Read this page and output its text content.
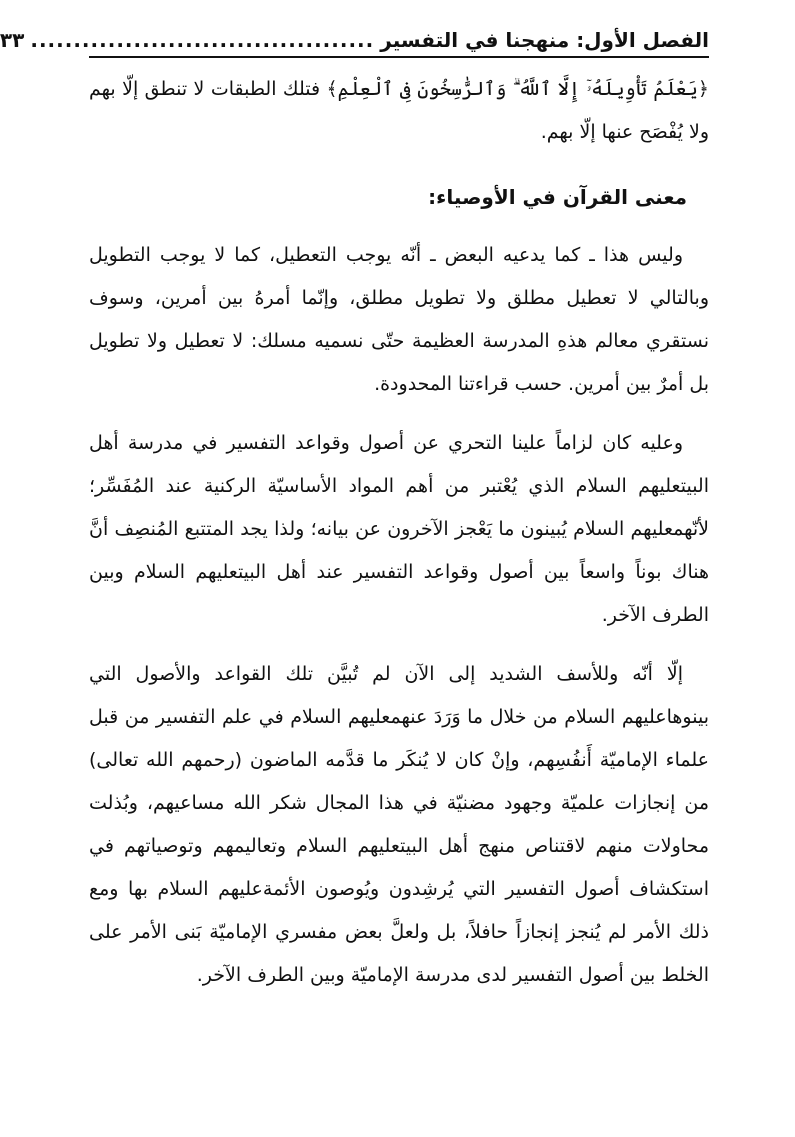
الفصل الأول: منهجنا في التفسير
........................................
٣٣

﴿يَعْلَمُ تَأْوِيلَهُۥٓ إِلَّا ٱللَّهُ ۗ وَٱلرَّٰسِخُونَ فِى ٱلْعِلْمِ﴾ فتلك الطبقات لا تنطق إلّا بهم ولا يُفْصَح عنها إلّا بهم.

معنى القرآن في الأوصياء:

وليس هذا ـ كما يدعيه البعض ـ أنّه يوجب التعطيل، كما لا يوجب التطويل وبالتالي لا تعطيل مطلق ولا تطويل مطلق، وإنّما أمرهُ بين أمرين، وسوف نستقري معالم هذهِ المدرسة العظيمة حتّى نسميه مسلك: لا تعطيل ولا تطويل بل أمرٌ بين أمرين. حسب قراءتنا المحدودة.

وعليه كان لزاماً علينا التحري عن أصول وقواعد التفسير في مدرسة أهل البيتعليهم السلام الذي يُعْتبر من أهم المواد الأساسيّة الركنية عند المُفَسِّر؛ لأنّهمعليهم السلام يُبينون ما يَعْجز الآخرون عن بيانه؛ ولذا يجد المتتبع المُنصِف أنَّ هناك بوناً واسعاً بين أصول وقواعد التفسير عند أهل البيتعليهم السلام وبين الطرف الآخر.

إلّا أنّه وللأسف الشديد إلى الآن لم تُبيَّن تلك القواعد والأصول التي بينوهاعليهم السلام من خلال ما وَرَدَ عنهمعليهم السلام في علم التفسير من قبل علماء الإماميّة أَنفُسِهم، وإنْ كان لا يُنكَر ما قدَّمه الماضون (رحمهم الله تعالى) من إنجازات علميّة وجهود مضنيّة في هذا المجال شكر الله مساعيهم، وبُذلت محاولات منهم لاقتناص منهج أهل البيتعليهم السلام وتعاليمهم وتوصياتهم في استكشاف أصول التفسير التي يُرشِدون ويُوصون الأئمةعليهم السلام بها ومع ذلك الأمر لم يُنجز إنجازاً حافلاً، بل ولعلَّ بعض مفسري الإماميّة بَنى الأمر على الخلط بين أصول التفسير لدى مدرسة الإماميّة وبين الطرف الآخر.
